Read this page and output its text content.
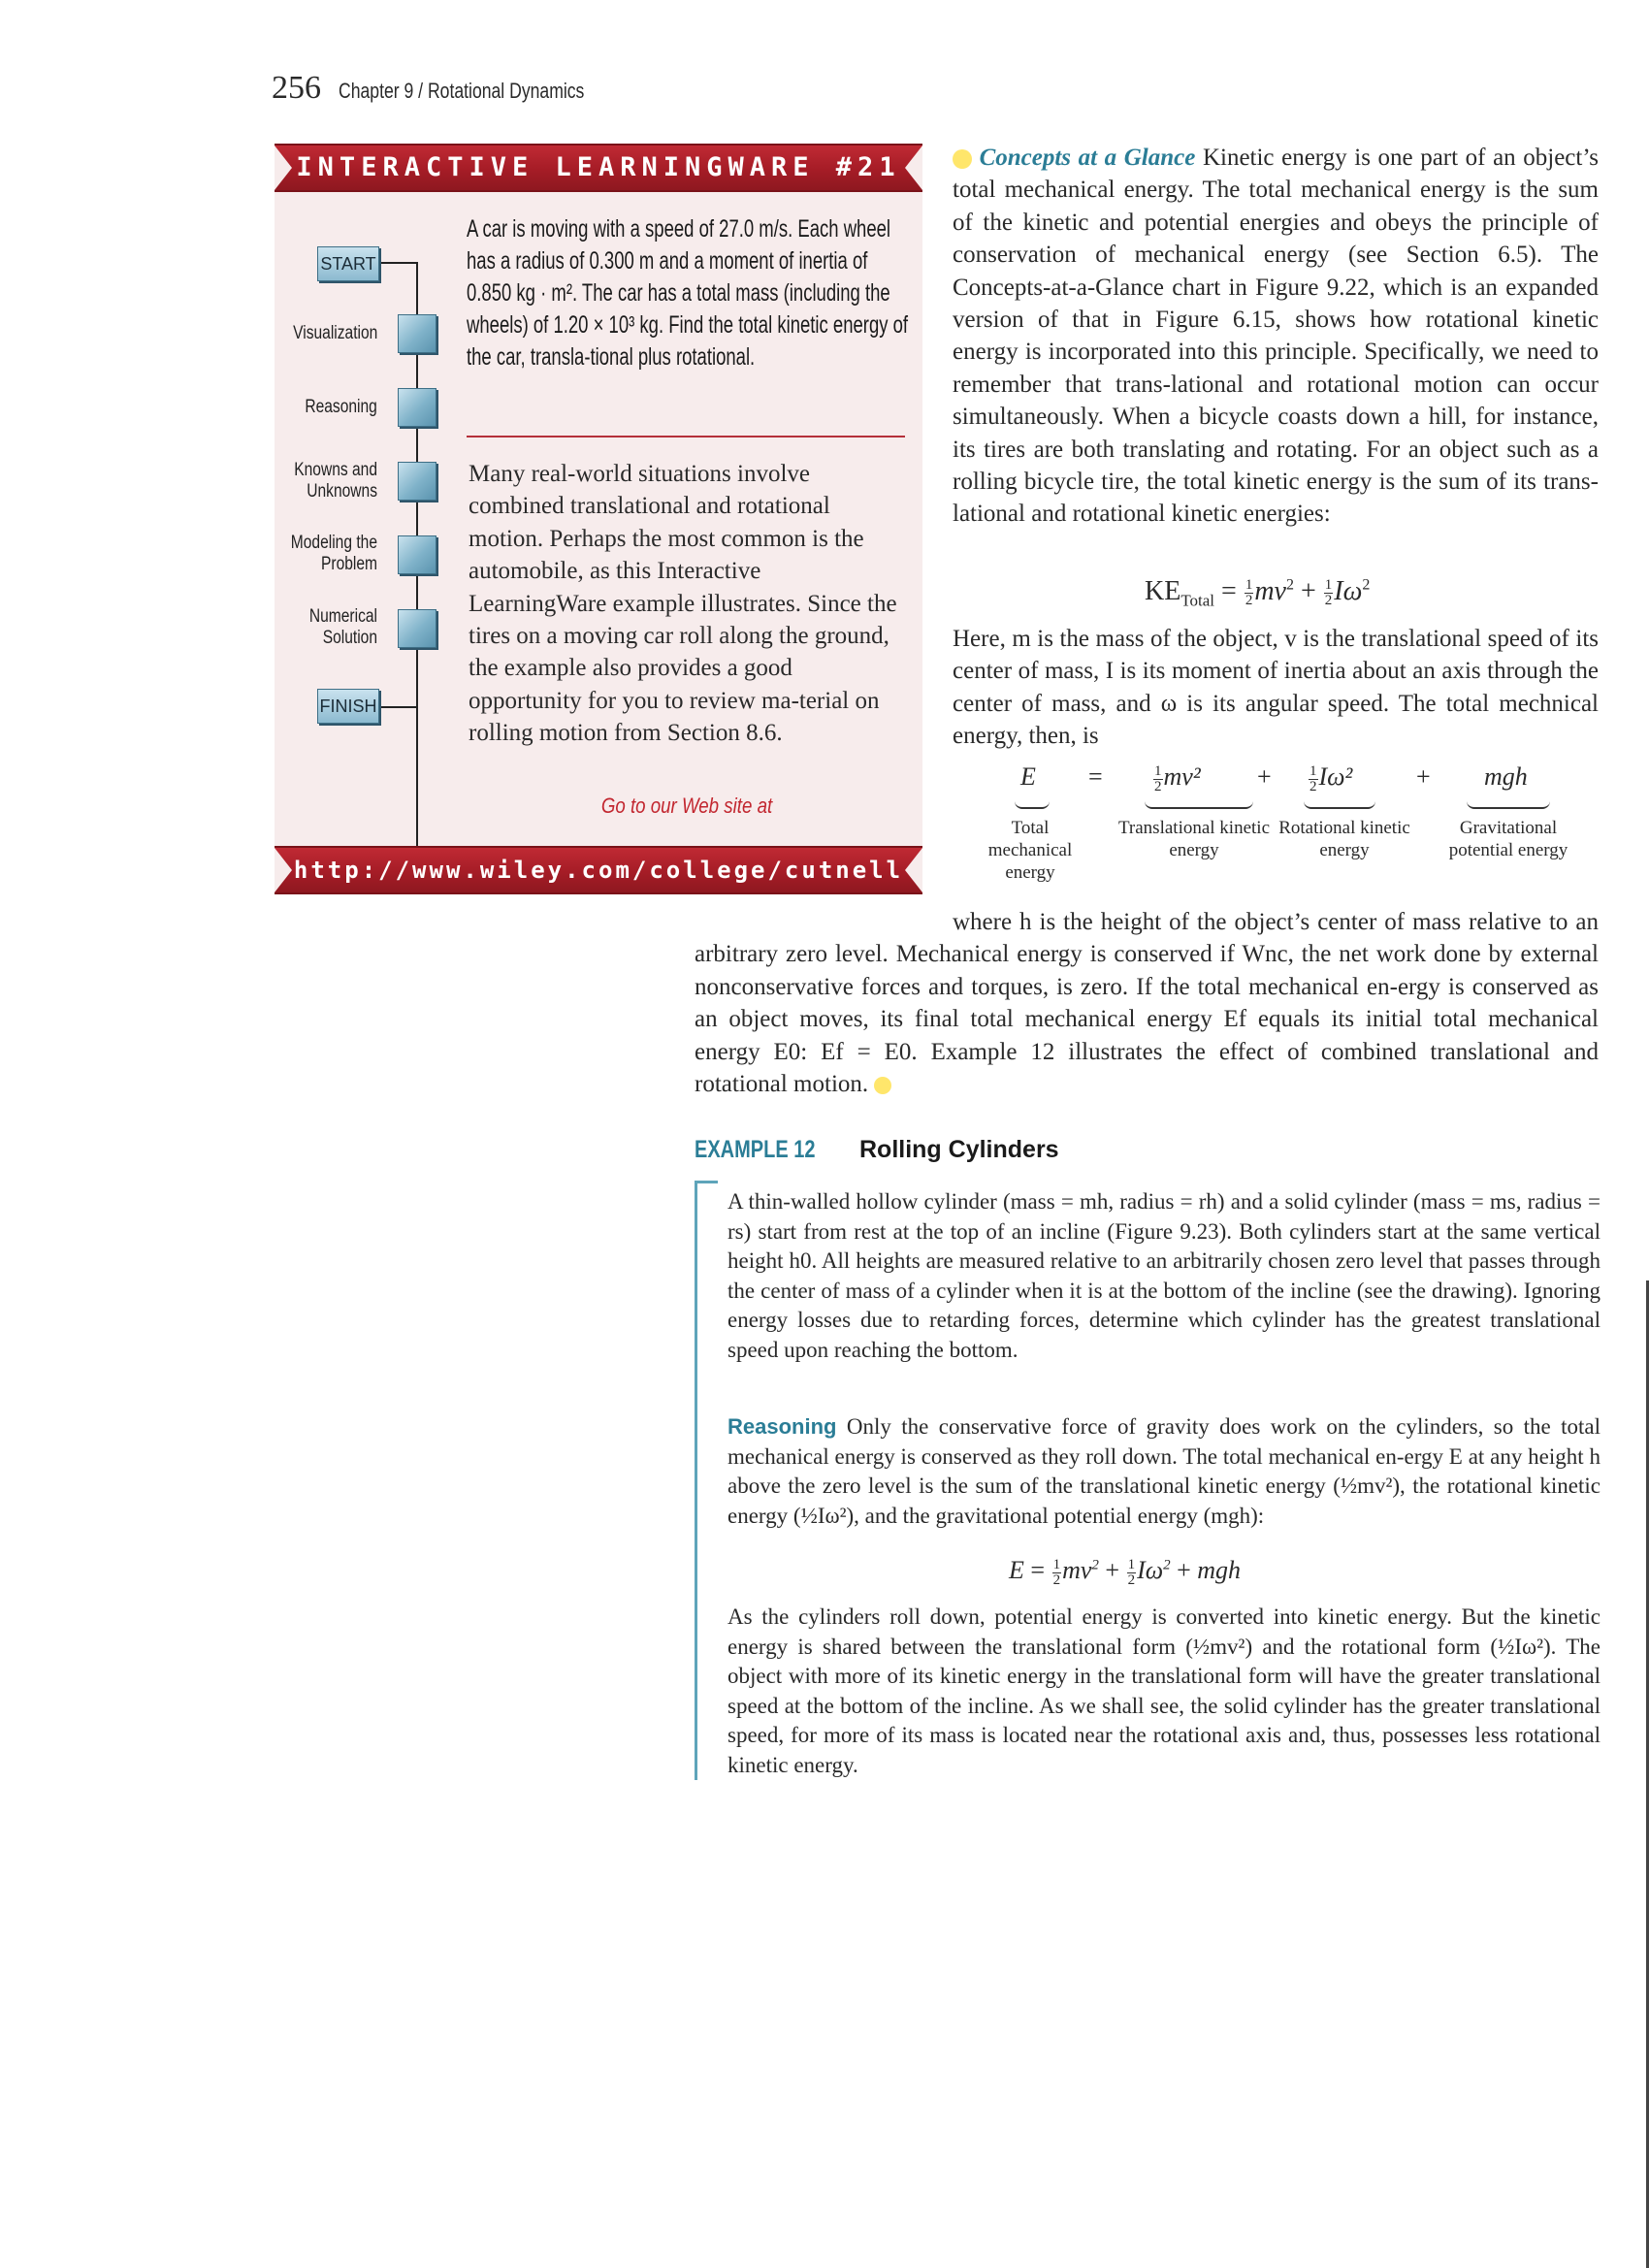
256 Chapter 9 / Rotational Dynamics
INTERACTIVE LEARNINGWARE #21
START
FINISH
Visualization
Reasoning
Knowns and Unknowns
Modeling the Problem
Numerical Solution
A car is moving with a speed of 27.0 m/s. Each wheel has a radius of 0.300 m and a moment of inertia of 0.850 kg · m². The car has a total mass (including the wheels) of 1.20 × 10³ kg. Find the total kinetic energy of the car, transla-tional plus rotational.
Many real-world situations involve combined translational and rotational motion. Perhaps the most common is the automobile, as this Interactive LearningWare example illustrates. Since the tires on a moving car roll along the ground, the example also provides a good opportunity for you to review ma-terial on rolling motion from Section 8.6.
Go to our Web site at
http://www.wiley.com/college/cutnell
Concepts at a Glance Kinetic energy is one part of an object’s total mechanical energy. The total mechanical energy is the sum of the kinetic and potential energies and obeys the principle of conservation of mechanical energy (see Section 6.5). The Concepts-at-a-Glance chart in Figure 9.22, which is an expanded version of that in Figure 6.15, shows how rotational kinetic energy is incorporated into this principle. Specifically, we need to remember that trans-lational and rotational motion can occur simultaneously. When a bicycle coasts down a hill, for instance, its tires are both translating and rotating. For an object such as a rolling bicycle tire, the total kinetic energy is the sum of its trans-lational and rotational kinetic energies:
$KE_{Total} = \frac{1}{2} mv^2 + \frac{1}{2} I\omega^2$
Here, m is the mass of the object, v is the translational speed of its center of mass, I is its moment of inertia about an axis through the center of mass, and ω is its angular speed. The total mechnical energy, then, is
E =	$\frac{1}{2} mv^2$ +	$\frac{1}{2} I\omega^2$	+ mgh
Total mechanical energy
Translational kinetic energy
Rotational kinetic energy
Gravitational potential energy
where h is the height of the object’s center of mass relative to an arbitrary zero level. Mechanical energy is conserved if Wnc, the net work done by external nonconservative forces and torques, is zero. If the total mechanical en-ergy is conserved as an object moves, its final total mechanical energy Ef equals its initial total mechanical energy E0: Ef = E0. Example 12 illustrates the effect of combined translational and rotational motion.
EXAMPLE 12 Rolling Cylinders
A thin-walled hollow cylinder (mass = mh, radius = rh) and a solid cylinder (mass = ms, radius = rs) start from rest at the top of an incline (Figure 9.23). Both cylinders start at the same vertical height h0. All heights are measured relative to an arbitrarily chosen zero level that passes through the center of mass of a cylinder when it is at the bottom of the incline (see the drawing). Ignoring energy losses due to retarding forces, determine which cylinder has the greatest translational speed upon reaching the bottom.
Reasoning Only the conservative force of gravity does work on the cylinders, so the total mechanical energy is conserved as they roll down. The total mechanical en-ergy E at any height h above the zero level is the sum of the translational kinetic energy (½mv²), the rotational kinetic energy (½Iω²), and the gravitational potential energy (mgh):
$E = \frac{1}{2} mv^2 + \frac{1}{2} I\omega^2$ + mgh
As the cylinders roll down, potential energy is converted into kinetic energy. But the kinetic energy is shared between the translational form (½mv²) and the rotational form (½Iω²). The object with more of its kinetic energy in the translational form will have the greater translational speed at the bottom of the incline. As we shall see, the solid cylinder has the greater translational speed, for more of its mass is located near the rotational axis and, thus, possesses less rotational kinetic energy.
